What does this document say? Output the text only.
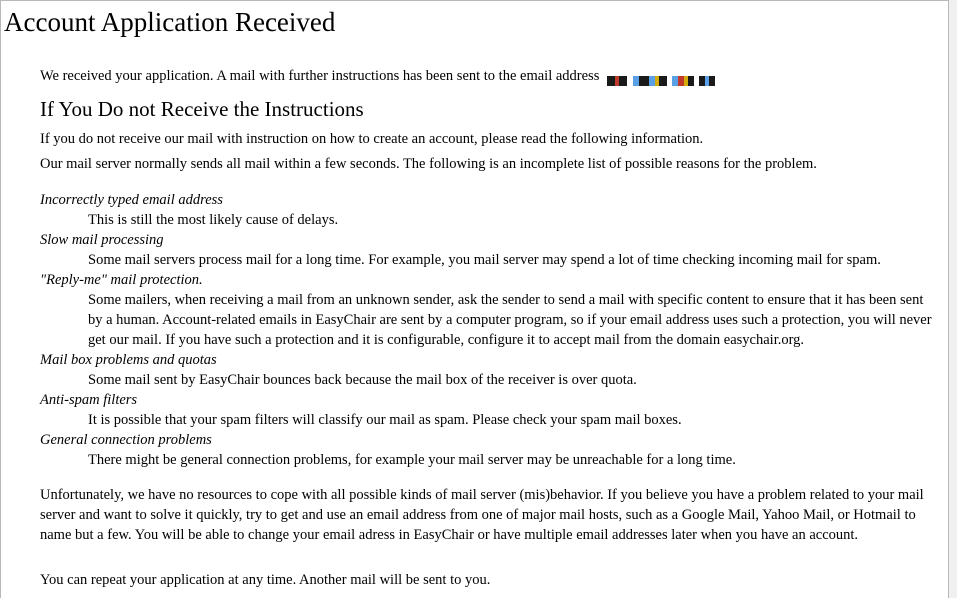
Account Application Received

We received your application. A mail with further instructions has been sent to the email address

If You Do not Receive the Instructions

If you do not receive our mail with instruction on how to create an account, please read the following information.

Our mail server normally sends all mail within a few seconds. The following is an incomplete list of possible reasons for the problem.

Incorrectly typed email address

This is still the most likely cause of delays.

Slow mail processing

Some mail servers process mail for a long time. For example, you mail server may spend a lot of time checking incoming mail for spam.

"Reply-me" mail protection.

Some mailers, when receiving a mail from an unknown sender, ask the sender to send a mail with specific content to ensure that it has been sent by a human. Account-related emails in EasyChair are sent by a computer program, so if your email address uses such a protection, you will never get our mail. If you have such a protection and it is configurable, configure it to accept mail from the domain easychair.org.

Mail box problems and quotas

Some mail sent by EasyChair bounces back because the mail box of the receiver is over quota.

Anti-spam filters

It is possible that your spam filters will classify our mail as spam. Please check your spam mail boxes.

General connection problems

There might be general connection problems, for example your mail server may be unreachable for a long time.

Unfortunately, we have no resources to cope with all possible kinds of mail server (mis)behavior. If you believe you have a problem related to your mail server and want to solve it quickly, try to get and use an email address from one of major mail hosts, such as a Google Mail, Yahoo Mail, or Hotmail to name but a few. You will be able to change your email adress in EasyChair or have multiple email addresses later when you have an account.

You can repeat your application at any time. Another mail will be sent to you.
